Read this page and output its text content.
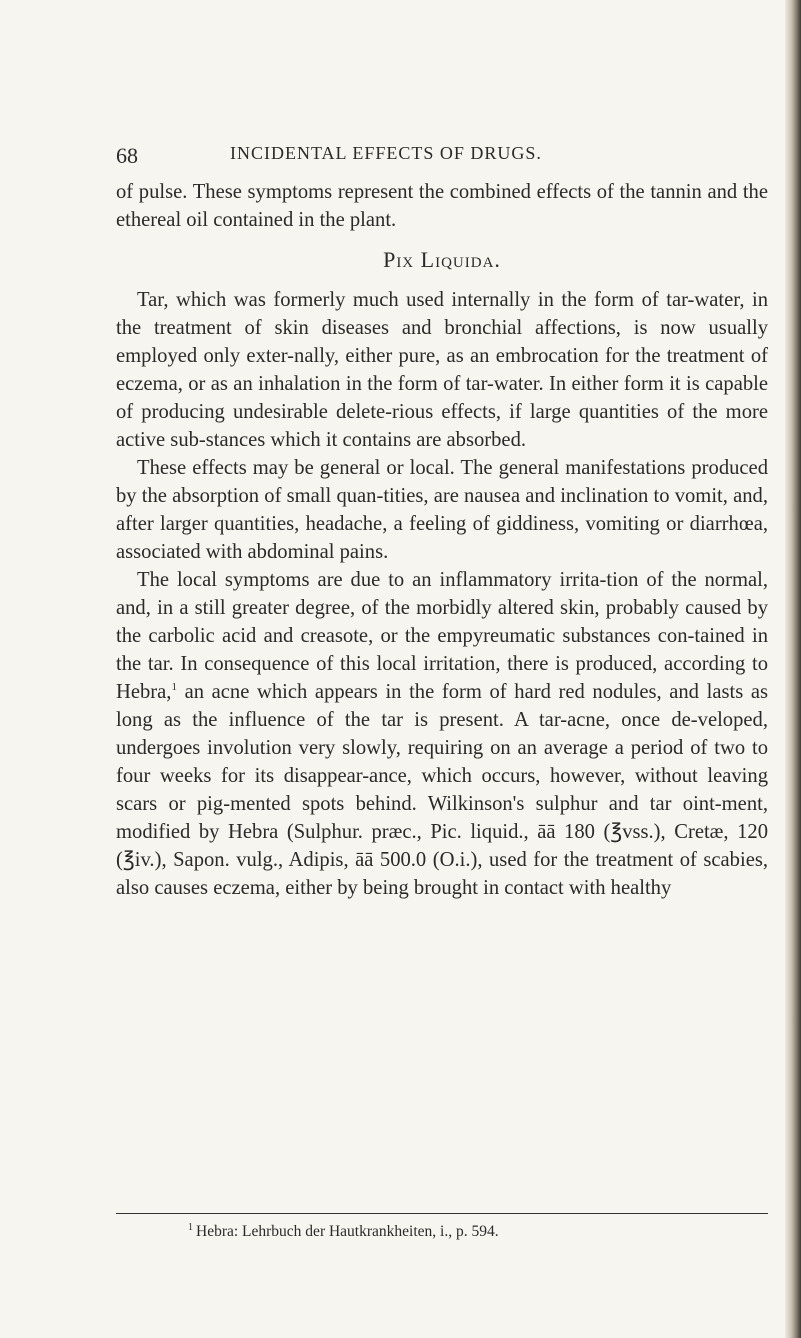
68	INCIDENTAL EFFECTS OF DRUGS.

of pulse. These symptoms represent the combined effects of the tannin and the ethereal oil contained in the plant.

Pix Liquida.

Tar, which was formerly much used internally in the form of tar-water, in the treatment of skin diseases and bronchial affections, is now usually employed only exter-nally, either pure, as an embrocation for the treatment of eczema, or as an inhalation in the form of tar-water. In either form it is capable of producing undesirable delete-rious effects, if large quantities of the more active sub-stances which it contains are absorbed.

These effects may be general or local. The general manifestations produced by the absorption of small quan-tities, are nausea and inclination to vomit, and, after larger quantities, headache, a feeling of giddiness, vomiting or diarrhœa, associated with abdominal pains.

The local symptoms are due to an inflammatory irrita-tion of the normal, and, in a still greater degree, of the morbidly altered skin, probably caused by the carbolic acid and creasote, or the empyreumatic substances con-tained in the tar. In consequence of this local irritation, there is produced, according to Hebra,$^1$ an acne which appears in the form of hard red nodules, and lasts as long as the influence of the tar is present. A tar-acne, once de-veloped, undergoes involution very slowly, requiring on an average a period of two to four weeks for its disappear-ance, which occurs, however, without leaving scars or pig-mented spots behind. Wilkinson's sulphur and tar oint-ment, modified by Hebra (Sulphur. præc., Pic. liquid., āā 180 (℥vss.), Cretæ, 120 (℥iv.), Sapon. vulg., Adipis, āā 500.0 (O.i.), used for the treatment of scabies, also causes eczema, either by being brought in contact with healthy

$^1$ Hebra: Lehrbuch der Hautkrankheiten, i., p. 594.
